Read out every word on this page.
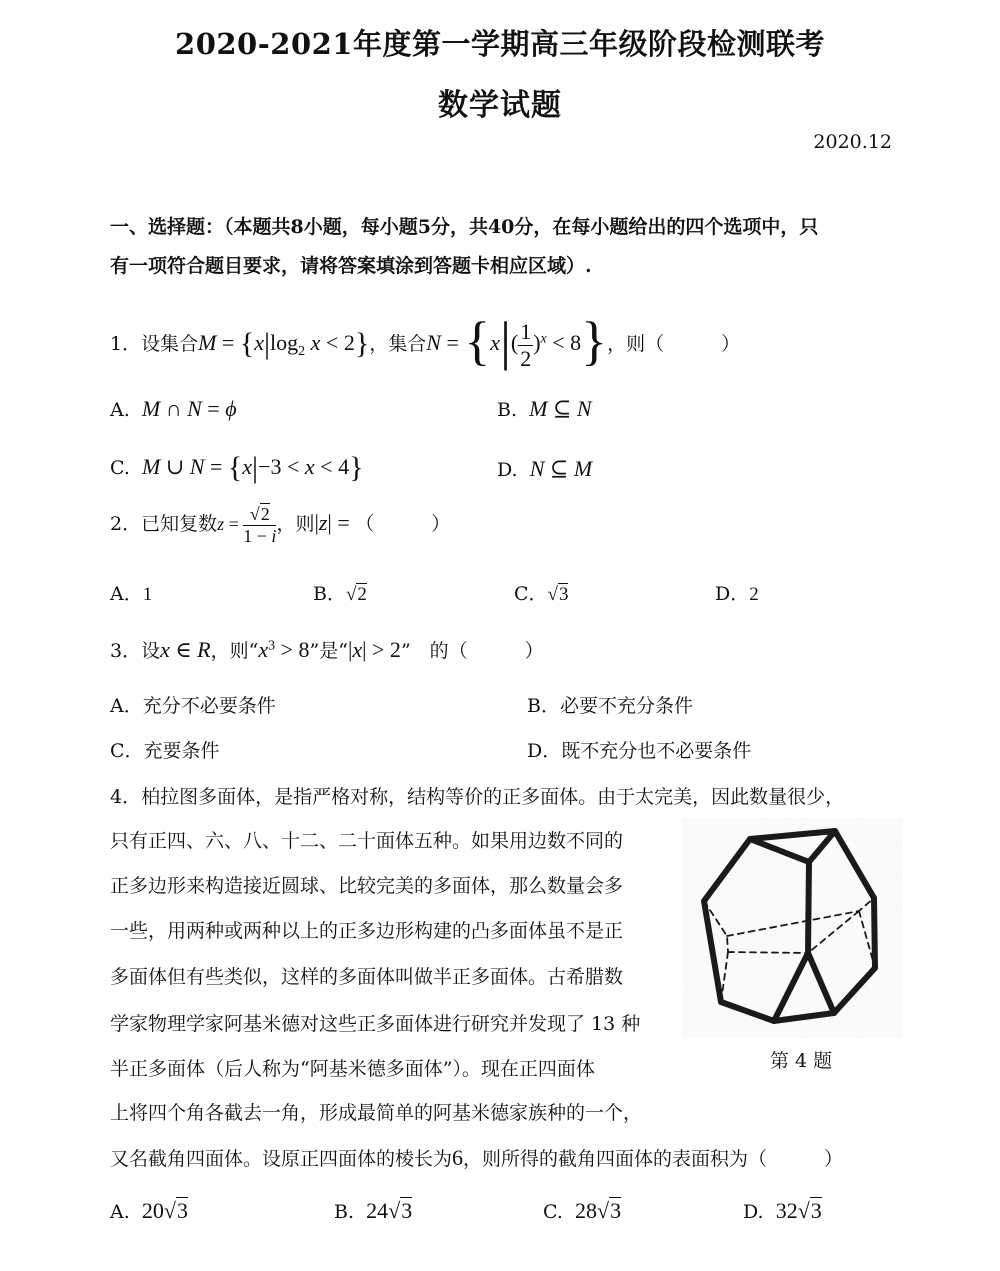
2020-2021年度第一学期高三年级阶段检测联考
数学试题
2020.12
一、选择题：（本题共8小题，每小题5分，共40分，在每小题给出的四个选项中，只
有一项符合题目要求，请将答案填涂到答题卡相应区域）.
1．设集合$M = \{x|\log_2$ x < 2}，集合$N = \{x|( \frac{1}{2} )^x < 8\}$，则（　　　）
A. M ∩ N = ϕ	B. M ⊆ N
C. M ∪ N = {x|−3 < x < 4}	D. N ⊆ M
2．已知复数$z = \frac{√2}{1 - i}$ ，则|z| = （　　　）
A．1	B．√2	C．√3	D．2
3．设x ∈ R，则“$x^3 > 8$”是“|x| > 2”　的（　　　）
A．充分不必要条件	B．必要不充分条件
C．充要条件	D．既不充分也不必要条件
4．柏拉图多面体，是指严格对称，结构等价的正多面体。由于太完美，因此数量很少，
只有正四、六、八、十二、二十面体五种。如果用边数不同的
正多边形来构造接近圆球、比较完美的多面体，那么数量会多
一些，用两种或两种以上的正多边形构建的凸多面体虽不是正
多面体但有些类似，这样的多面体叫做半正多面体。古希腊数
学家物理学家阿基米德对这些正多面体进行研究并发现了 13 种
半正多面体（后人称为“阿基米德多面体”）。现在正四面体
上将四个角各截去一角，形成最简单的阿基米德家族种的一个，
又名截角四面体。设原正四面体的棱长为6，则所得的截角四面体的表面积为（　　　）
第 4 题
A. 20√3	B. 24√3	C. 28√3	D. 32√3
